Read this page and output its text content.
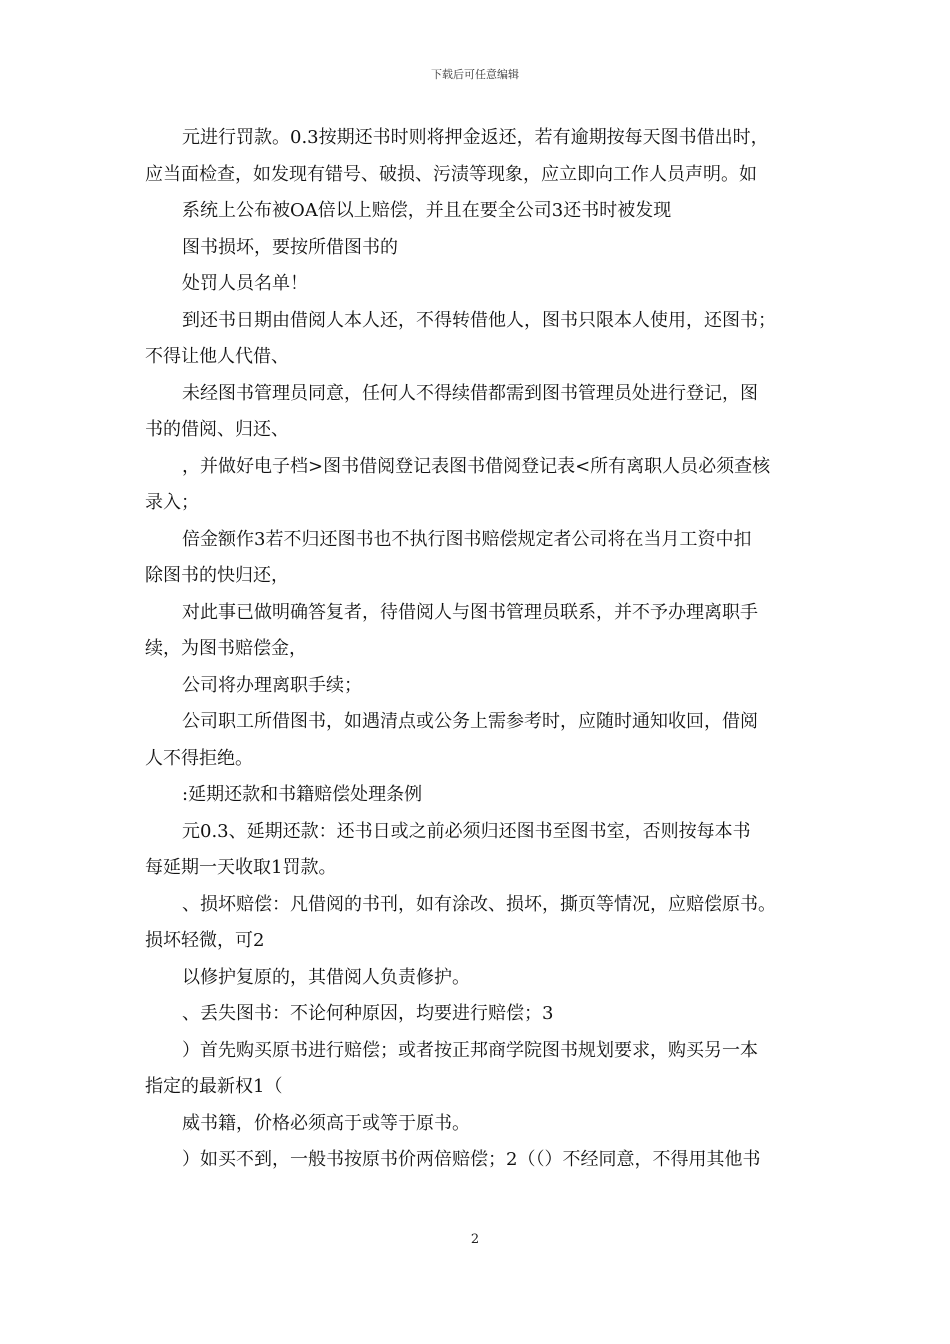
下载后可任意编辑

元进行罚款。0.3按期还书时则将押金返还，若有逾期按每天图书借出时，

应当面检查，如发现有错号、破损、污渍等现象，应立即向工作人员声明。如

系统上公布被OA倍以上赔偿，并且在要全公司3还书时被发现

图书损坏，要按所借图书的

处罚人员名单！

到还书日期由借阅人本人还，不得转借他人，图书只限本人使用，还图书；

不得让他人代借、

未经图书管理员同意，任何人不得续借都需到图书管理员处进行登记，图

书的借阅、归还、

，并做好电子档>图书借阅登记表图书借阅登记表<所有离职人员必须查核

录入；

倍金额作3若不归还图书也不执行图书赔偿规定者公司将在当月工资中扣

除图书的快归还，

对此事已做明确答复者，待借阅人与图书管理员联系，并不予办理离职手

续，为图书赔偿金，

公司将办理离职手续；

公司职工所借图书，如遇清点或公务上需参考时，应随时通知收回，借阅

人不得拒绝。

:延期还款和书籍赔偿处理条例

元0.3、延期还款：还书日或之前必须归还图书至图书室，否则按每本书

每延期一天收取1罚款。

、损坏赔偿：凡借阅的书刊，如有涂改、损坏，撕页等情况，应赔偿原书。

损坏轻微，可2

以修护复原的，其借阅人负责修护。

、丢失图书：不论何种原因，均要进行赔偿；3

）首先购买原书进行赔偿；或者按正邦商学院图书规划要求，购买另一本

指定的最新权1（

威书籍，价格必须高于或等于原书。

）如买不到，一般书按原书价两倍赔偿；2（（）不经同意，不得用其他书

2
